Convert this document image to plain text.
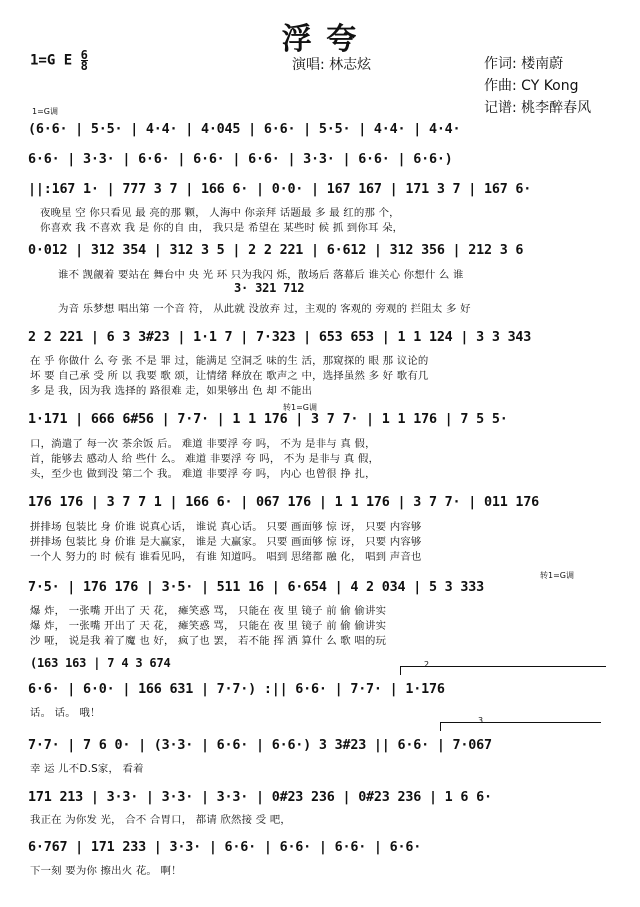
浮 夸
1=G E $\frac{6}{8}$	演唱: 林志炫	作词: 楼南蔚
作曲: CY Kong
记谱: 桃李醉春风
1=G调
(6·6· | 5·5· | 4·4· | 4·045 | 6·6· | 5·5· | 4·4· | 4·4·
6·6· | 3·3· | 6·6· | 6·6· | 6·6· | 3·3· | 6·6· | 6·6·)
||:167 1· | 777 3 7 | 166 6· | 0·0· | 167 167 | 171 3 7 | 167 6·
夜晚星 空 你只看见 最 亮的那 颗， 人海中 你亲拜 话题最 多 最 红的那 个，
你喜欢 我 不喜欢 我 是 你的自 由， 我只是 希望在 某些时 候 抓 到你耳 朵，
0·012 | 312 354 | 312 3 5 | 2 2 221 | 6·612 | 312 356 | 212 3 6
谁不 觊觎着 要站在 舞台中 央 光 环 只为我闪 烁，散场后 落幕后 谁关心 你想什 么 谁
3· 321 712
为音 乐梦想 唱出第 一个音 符， 从此就 没放弃 过，主观的 客观的 旁观的 拦阻太 多 好
2 2 221 | 6 3 3#23 | 1·1 7 | 7·323 | 653 653 | 1 1 124 | 3 3 343
在 乎 你做什 么 夸 张 不是 罪 过，能满足 空洞乏 味的生 活，那窥探的 眼 那 议论的
坏 要 自己承 受 所 以 我要 歌 颂，让情绪 释放在 歌声之 中，选择虽然 多 好 歌有几
多 是 我，因为我 选择的 路很难 走，如果够出 色 却 不能出
转1=G调
1·171 | 666 6#56 | 7·7· | 1 1 176 | 3 7 7· | 1 1 176 | 7 5 5·
口，淌遣了 每一次 茶余饭 后。 难道 非要浮 夸 吗， 不为 是非与 真 假，
首，能够去 感动人 给 些什 么。 难道 非要浮 夸 吗， 不为 是非与 真 假，
头，至少也 做到没 第二个 我。 难道 非要浮 夸 吗， 内心 也曾很 挣 扎，
176 176 | 3 7 7 1 | 166 6· | 067 176 | 1 1 176 | 3 7 7· | 011 176
拼排场 包装比 身 价谁 说真心话， 谁说 真心话。 只要 画面够 惊 讶， 只要 内容够
拼排场 包装比 身 价谁 是大赢家， 谁是 大赢家。 只要 画面够 惊 讶， 只要 内容够
一个人 努力的 时 候有 谁看见吗， 有谁 知道吗。 唱到 思绪都 融 化， 唱到 声音也
转1=G调
7·5· | 176 176 | 3·5· | 511 16 | 6·654 | 4 2 034 | 5 3 333
爆 炸， 一张嘴 开出了 天 花， 瘫笑惑 骂， 只能在 夜 里 镜子 前 偷 偷讲实
爆 炸， 一张嘴 开出了 天 花， 瘫笑惑 骂， 只能在 夜 里 镜子 前 偷 偷讲实
沙 哑， 说是我 着了魔 也 好， 疯了也 罢， 若不能 挥 洒 算什 么 歌 唱的玩
(163 163 | 7 4 3 674	2
6·6· | 6·0· | 166 631 | 7·7·) :|| 6·6· | 7·7· | 1·176
话。 话。 哦！
3
7·7· | 7 6 0· | (3·3· | 6·6· | 6·6·) 3 3#23 || 6·6· | 7·067
幸 运 儿不D.S家， 看着
171 213 | 3·3· | 3·3· | 3·3· | 0#23 236 | 0#23 236 | 1 6 6·
我正在 为你发 光， 合不 合胃口， 都请 欣然接 受 吧，
6·767 | 171 233 | 3·3· | 6·6· | 6·6· | 6·6· | 6·6·
下一刻 要为你 擦出火 花。 啊！
